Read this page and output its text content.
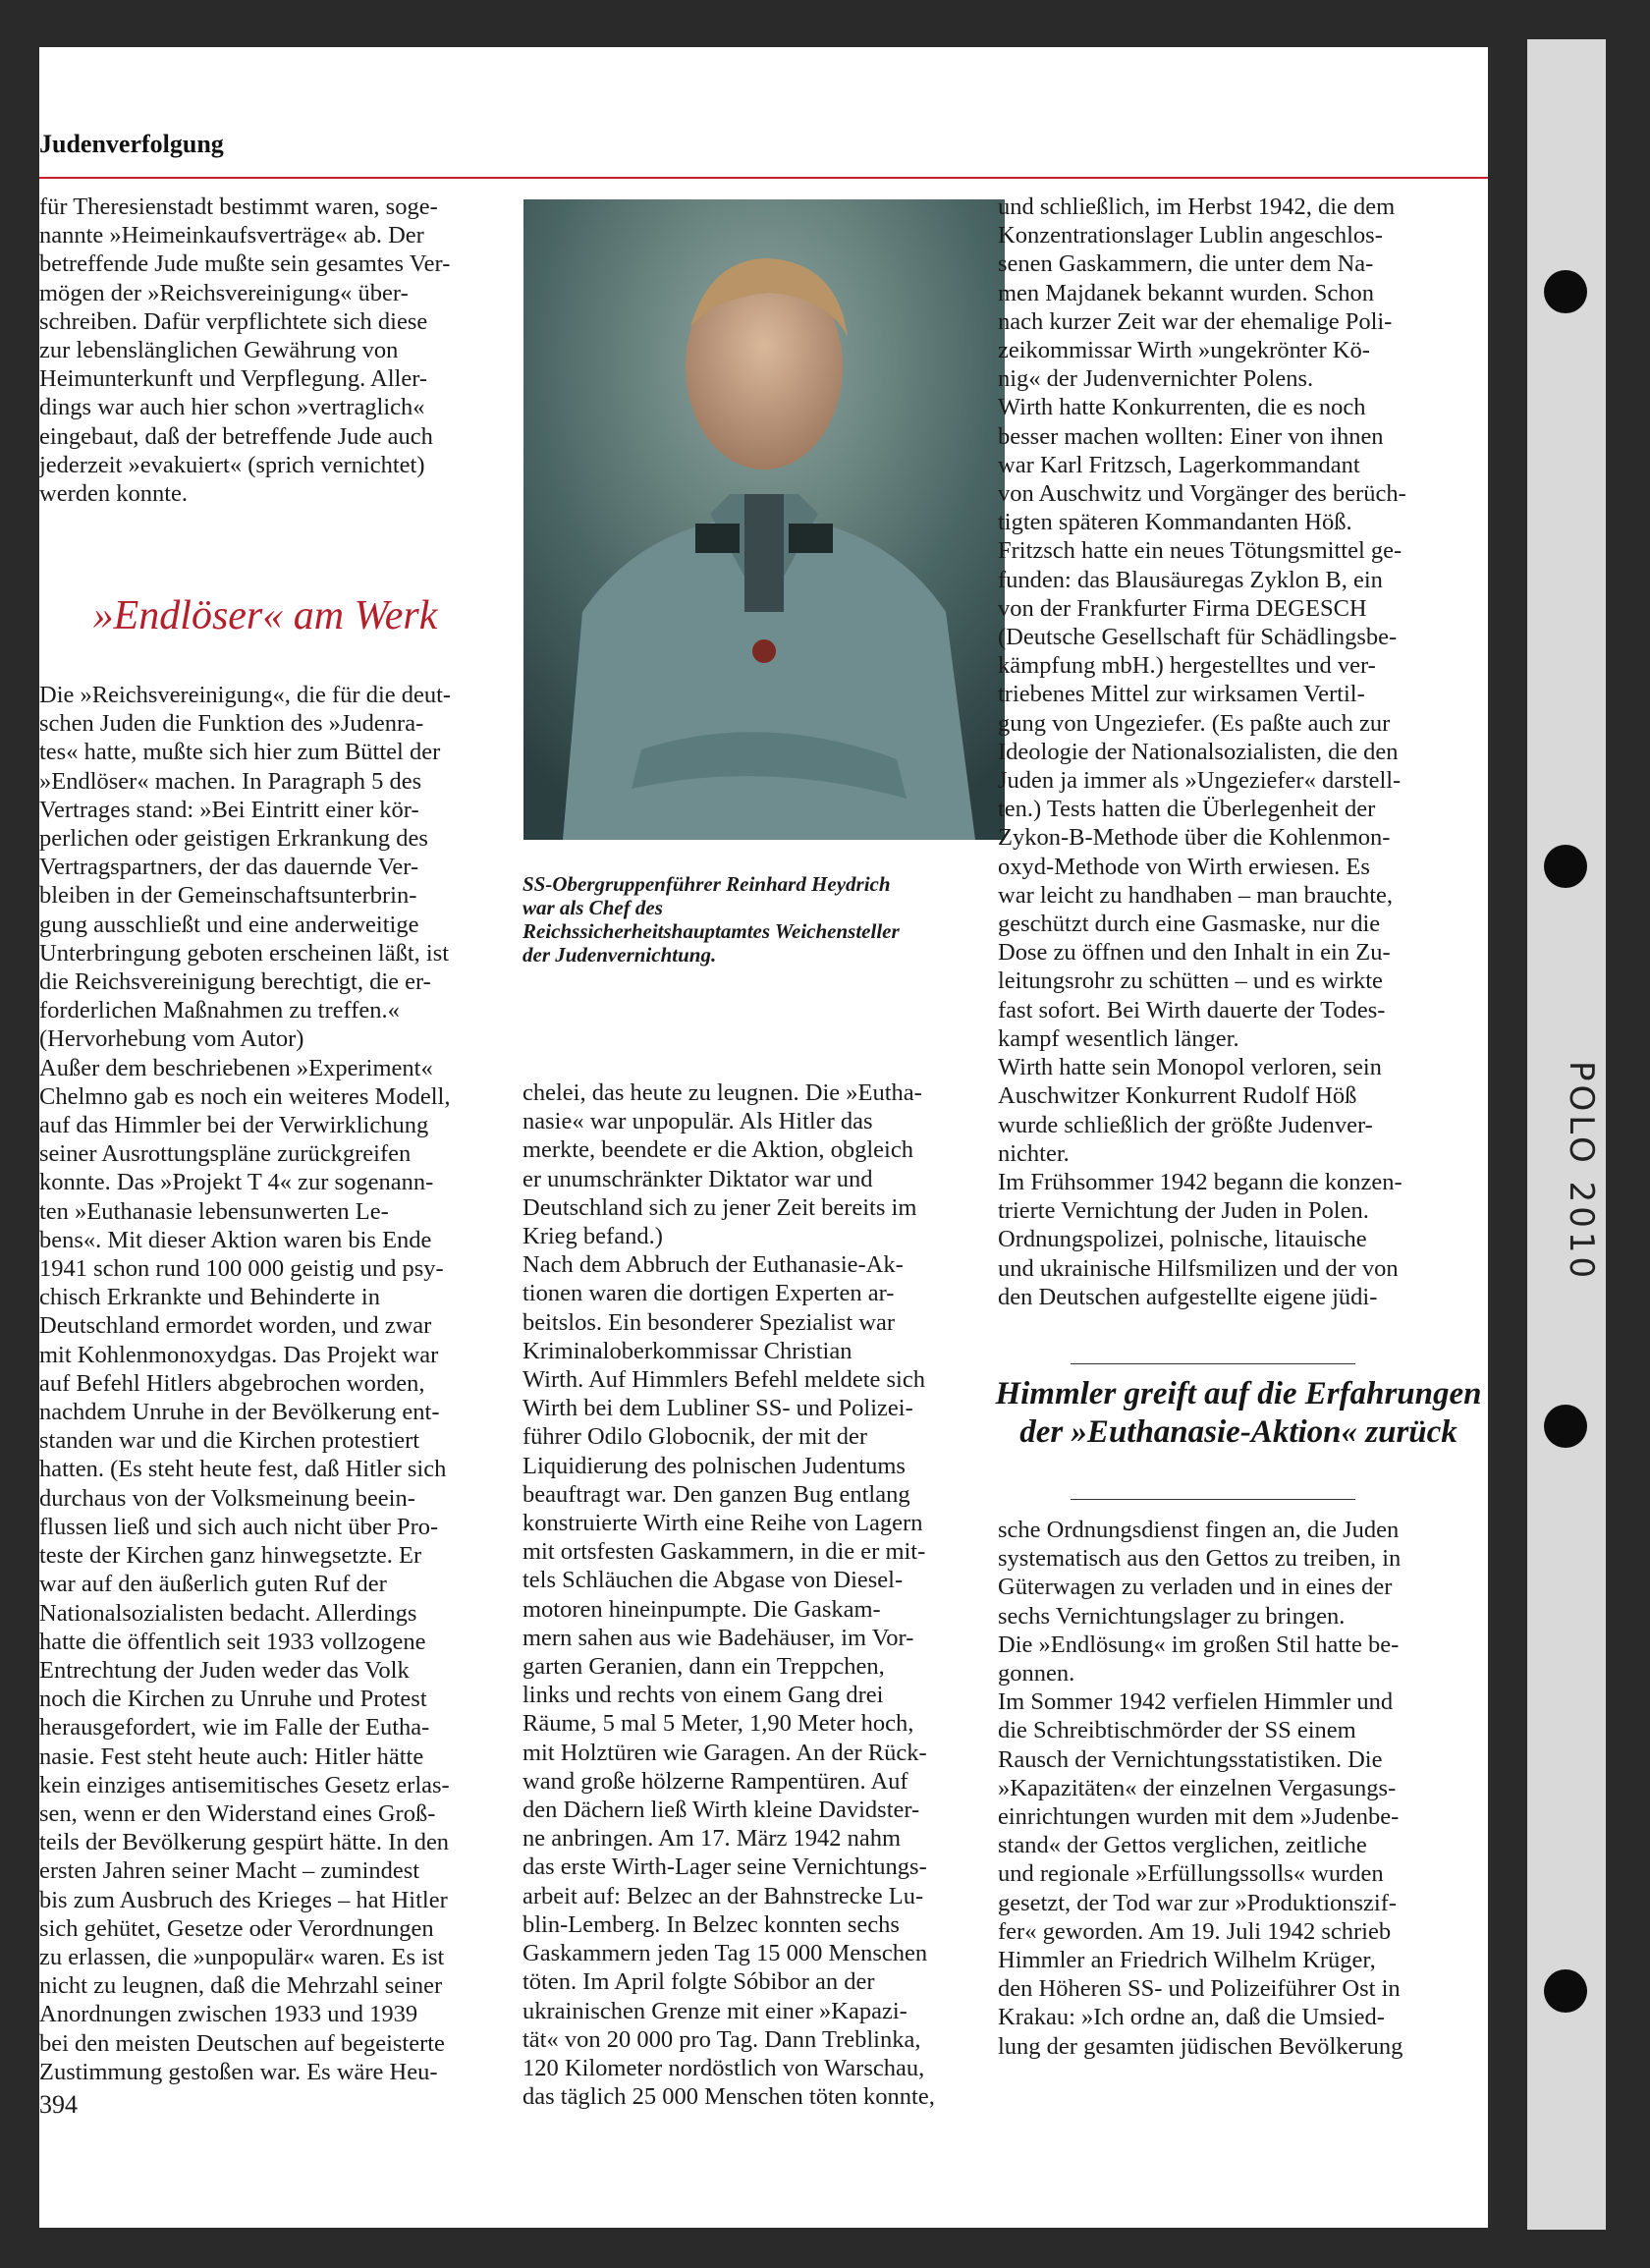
POLO 2010
Judenverfolgung

für Theresienstadt bestimmt waren, soge-

nannte »Heimeinkaufsverträge« ab. Der

betreffende Jude mußte sein gesamtes Ver-

mögen der »Reichsvereinigung« über-

schreiben. Dafür verpflichtete sich diese

zur lebenslänglichen Gewährung von

Heimunterkunft und Verpflegung. Aller-

dings war auch hier schon »vertraglich«

eingebaut, daß der betreffende Jude auch

jederzeit »evakuiert« (sprich vernichtet)

werden konnte.

»Endlöser« am Werk

Die »Reichsvereinigung«, die für die deut-

schen Juden die Funktion des »Judenra-

tes« hatte, mußte sich hier zum Büttel der

»Endlöser« machen. In Paragraph 5 des

Vertrages stand: »Bei Eintritt einer kör-

perlichen oder geistigen Erkrankung des

Vertragspartners, der das dauernde Ver-

bleiben in der Gemeinschaftsunterbrin-

gung ausschließt und eine anderweitige

Unterbringung geboten erscheinen läßt, ist

die Reichsvereinigung berechtigt, die er-

forderlichen Maßnahmen zu treffen.«

(Hervorhebung vom Autor)

Außer dem beschriebenen »Experiment«

Chelmno gab es noch ein weiteres Modell,

auf das Himmler bei der Verwirklichung

seiner Ausrottungspläne zurückgreifen

konnte. Das »Projekt T 4« zur sogenann-

ten »Euthanasie lebensunwerten Le-

bens«. Mit dieser Aktion waren bis Ende

1941 schon rund 100 000 geistig und psy-

chisch Erkrankte und Behinderte in

Deutschland ermordet worden, und zwar

mit Kohlenmonoxydgas. Das Projekt war

auf Befehl Hitlers abgebrochen worden,

nachdem Unruhe in der Bevölkerung ent-

standen war und die Kirchen protestiert

hatten. (Es steht heute fest, daß Hitler sich

durchaus von der Volksmeinung beein-

flussen ließ und sich auch nicht über Pro-

teste der Kirchen ganz hinwegsetzte. Er

war auf den äußerlich guten Ruf der

Nationalsozialisten bedacht. Allerdings

hatte die öffentlich seit 1933 vollzogene

Entrechtung der Juden weder das Volk

noch die Kirchen zu Unruhe und Protest

herausgefordert, wie im Falle der Eutha-

nasie. Fest steht heute auch: Hitler hätte

kein einziges antisemitisches Gesetz erlas-

sen, wenn er den Widerstand eines Groß-

teils der Bevölkerung gespürt hätte. In den

ersten Jahren seiner Macht – zumindest

bis zum Ausbruch des Krieges – hat Hitler

sich gehütet, Gesetze oder Verordnungen

zu erlassen, die »unpopulär« waren. Es ist

nicht zu leugnen, daß die Mehrzahl seiner

Anordnungen zwischen 1933 und 1939

bei den meisten Deutschen auf begeisterte

Zustimmung gestoßen war. Es wäre Heu-

SS-Obergruppenführer Reinhard Heydrich war als Chef des Reichssicherheitshauptamtes Weichensteller der Judenvernichtung.

chelei, das heute zu leugnen. Die »Eutha-

nasie« war unpopulär. Als Hitler das

merkte, beendete er die Aktion, obgleich

er unumschränkter Diktator war und

Deutschland sich zu jener Zeit bereits im

Krieg befand.)

Nach dem Abbruch der Euthanasie-Ak-

tionen waren die dortigen Experten ar-

beitslos. Ein besonderer Spezialist war

Kriminaloberkommissar Christian

Wirth. Auf Himmlers Befehl meldete sich

Wirth bei dem Lubliner SS- und Polizei-

führer Odilo Globocnik, der mit der

Liquidierung des polnischen Judentums

beauftragt war. Den ganzen Bug entlang

konstruierte Wirth eine Reihe von Lagern

mit ortsfesten Gaskammern, in die er mit-

tels Schläuchen die Abgase von Diesel-

motoren hineinpumpte. Die Gaskam-

mern sahen aus wie Badehäuser, im Vor-

garten Geranien, dann ein Treppchen,

links und rechts von einem Gang drei

Räume, 5 mal 5 Meter, 1,90 Meter hoch,

mit Holztüren wie Garagen. An der Rück-

wand große hölzerne Rampentüren. Auf

den Dächern ließ Wirth kleine Davidster-

ne anbringen. Am 17. März 1942 nahm

das erste Wirth-Lager seine Vernichtungs-

arbeit auf: Belzec an der Bahnstrecke Lu-

blin-Lemberg. In Belzec konnten sechs

Gaskammern jeden Tag 15 000 Menschen

töten. Im April folgte Sóbibor an der

ukrainischen Grenze mit einer »Kapazi-

tät« von 20 000 pro Tag. Dann Treblinka,

120 Kilometer nordöstlich von Warschau,

das täglich 25 000 Menschen töten konnte,

und schließlich, im Herbst 1942, die dem

Konzentrationslager Lublin angeschlos-

senen Gaskammern, die unter dem Na-

men Majdanek bekannt wurden. Schon

nach kurzer Zeit war der ehemalige Poli-

zeikommissar Wirth »ungekrönter Kö-

nig« der Judenvernichter Polens.

Wirth hatte Konkurrenten, die es noch

besser machen wollten: Einer von ihnen

war Karl Fritzsch, Lagerkommandant

von Auschwitz und Vorgänger des berüch-

tigten späteren Kommandanten Höß.

Fritzsch hatte ein neues Tötungsmittel ge-

funden: das Blausäuregas Zyklon B, ein

von der Frankfurter Firma DEGESCH

(Deutsche Gesellschaft für Schädlingsbe-

kämpfung mbH.) hergestelltes und ver-

triebenes Mittel zur wirksamen Vertil-

gung von Ungeziefer. (Es paßte auch zur

Ideologie der Nationalsozialisten, die den

Juden ja immer als »Ungeziefer« darstell-

ten.) Tests hatten die Überlegenheit der

Zykon-B-Methode über die Kohlenmon-

oxyd-Methode von Wirth erwiesen. Es

war leicht zu handhaben – man brauchte,

geschützt durch eine Gasmaske, nur die

Dose zu öffnen und den Inhalt in ein Zu-

leitungsrohr zu schütten – und es wirkte

fast sofort. Bei Wirth dauerte der Todes-

kampf wesentlich länger.

Wirth hatte sein Monopol verloren, sein

Auschwitzer Konkurrent Rudolf Höß

wurde schließlich der größte Judenver-

nichter.

Im Frühsommer 1942 begann die konzen-

trierte Vernichtung der Juden in Polen.

Ordnungspolizei, polnische, litauische

und ukrainische Hilfsmilizen und der von

den Deutschen aufgestellte eigene jüdi-

Himmler greift auf die Erfahrungen der »Euthanasie-Aktion« zurück

sche Ordnungsdienst fingen an, die Juden

systematisch aus den Gettos zu treiben, in

Güterwagen zu verladen und in eines der

sechs Vernichtungslager zu bringen.

Die »Endlösung« im großen Stil hatte be-

gonnen.

Im Sommer 1942 verfielen Himmler und

die Schreibtischmörder der SS einem

Rausch der Vernichtungsstatistiken. Die

»Kapazitäten« der einzelnen Vergasungs-

einrichtungen wurden mit dem »Judenbe-

stand« der Gettos verglichen, zeitliche

und regionale »Erfüllungssolls« wurden

gesetzt, der Tod war zur »Produktionszif-

fer« geworden. Am 19. Juli 1942 schrieb

Himmler an Friedrich Wilhelm Krüger,

den Höheren SS- und Polizeiführer Ost in

Krakau: »Ich ordne an, daß die Umsied-

lung der gesamten jüdischen Bevölkerung

394
